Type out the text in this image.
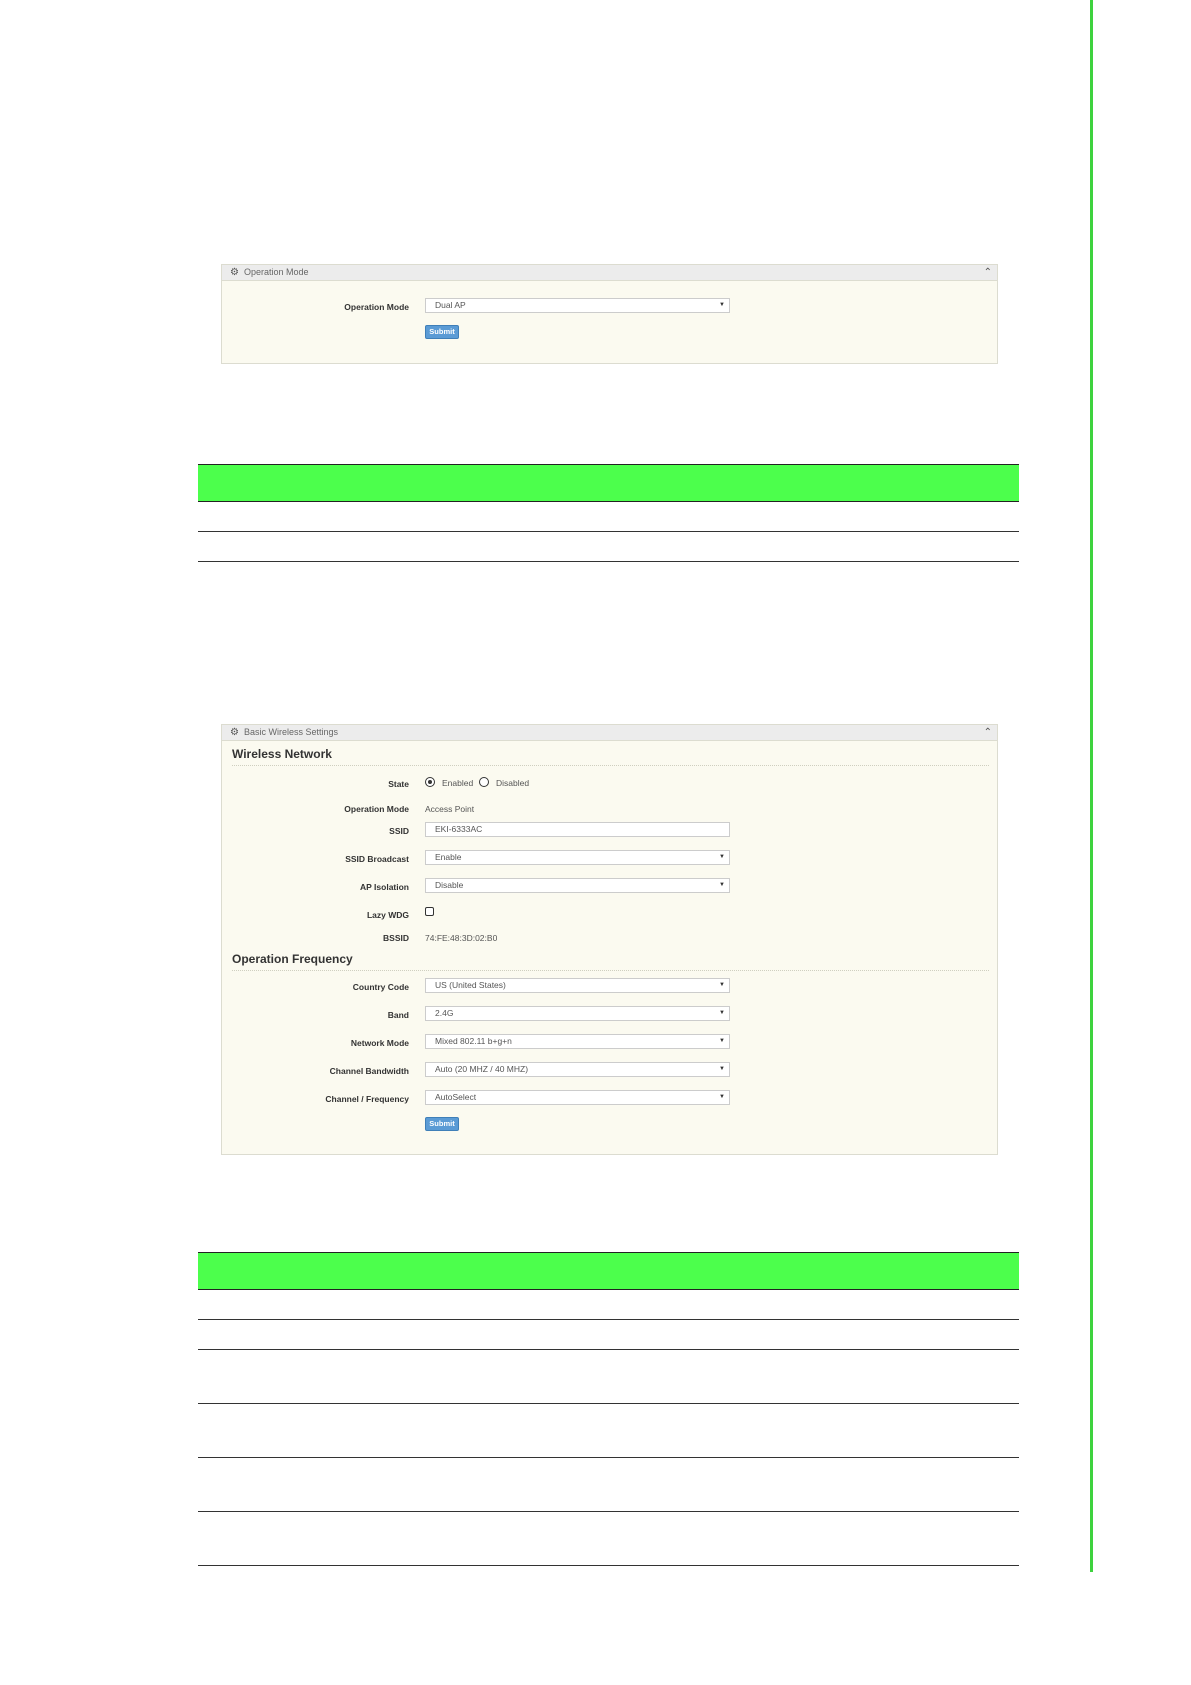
⚙ Operation Mode	⌃
Operation Mode	Dual AP	▼
Submit
⚙ Basic Wireless Settings	⌃
Wireless Network
State	Enabled	Disabled
Operation Mode Access Point
SSID	EKI-6333AC
SSID Broadcast	Enable	▼
AP Isolation	Disable	▼
Lazy WDG
BSSID 74:FE:48:3D:02:B0
Operation Frequency
Country Code	US (United States)	▼
Band	2.4G	▼
Network Mode	Mixed 802.11 b+g+n	▼
Channel Bandwidth	Auto (20 MHZ / 40 MHZ)	▼
Channel / Frequency	AutoSelect	▼
Submit
